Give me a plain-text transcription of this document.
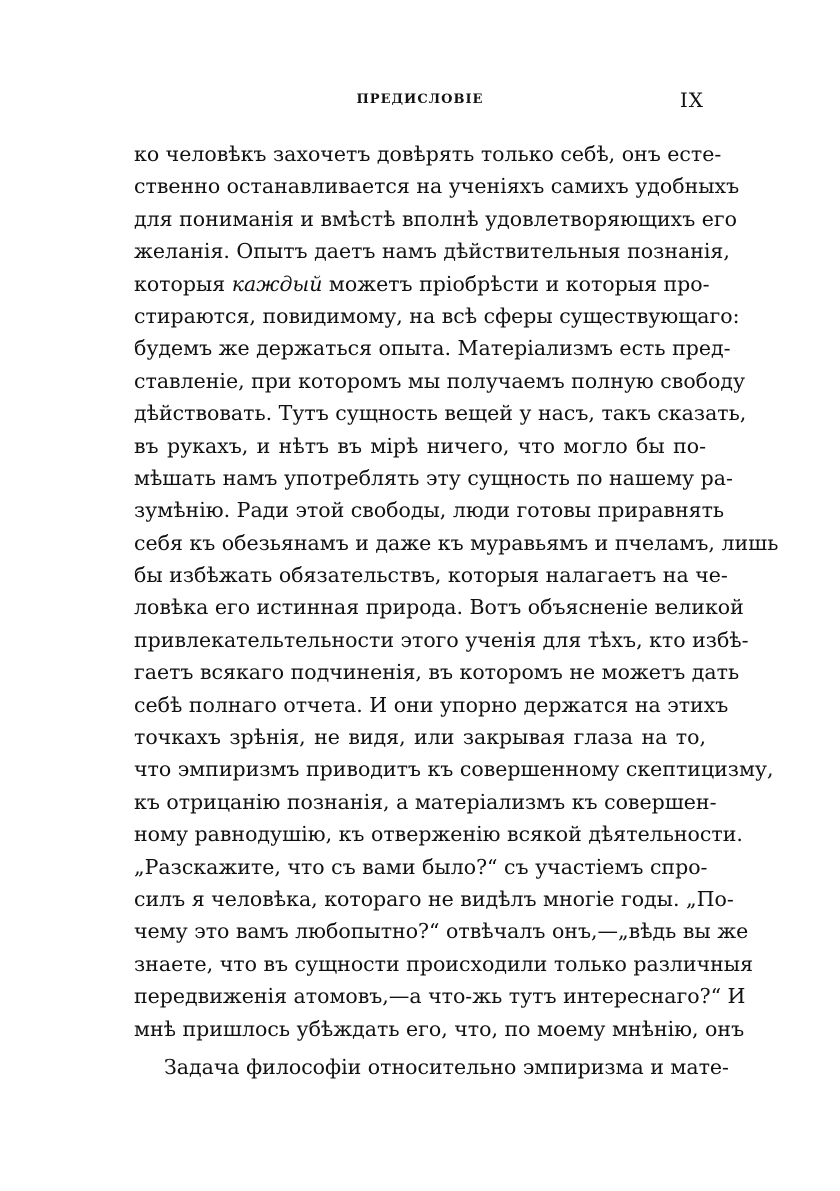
ПРЕДИСЛОВІЕ	IX
ко человѣкъ захочетъ довѣрять только себѣ, онъ есте-
ственно останавливается на ученіяхъ самихъ удобныхъ
для пониманія и вмѣстѣ вполнѣ удовлетворяющихъ его
желанія. Опытъ даетъ намъ дѣйствительныя познанія,
которыя каждый можетъ пріобрѣсти и которыя про-
стираются, повидимому, на всѣ сферы существующаго:
будемъ же держаться опыта. Матеріализмъ есть пред-
ставленіе, при которомъ мы получаемъ полную свободу
дѣйствовать. Тутъ сущность вещей у насъ, такъ сказать,
въ рукахъ, и нѣтъ въ мірѣ ничего, что могло бы по-
мѣшать намъ употреблять эту сущность по нашему ра-
зумѣнію. Ради этой свободы, люди готовы приравнять
себя къ обезьянамъ и даже къ муравьямъ и пчеламъ, лишь
бы избѣжать обязательствъ, которыя налагаетъ на че-
ловѣка его истинная природа. Вотъ объясненіе великой
привлекательтельности этого ученія для тѣхъ, кто избѣ-
гаетъ всякаго подчиненія, въ которомъ не можетъ дать
себѣ полнаго отчета. И они упорно держатся на этихъ
точкахъ зрѣнія, не видя, или закрывая глаза на то,
что эмпиризмъ приводитъ къ совершенному скептицизму,
къ отрицанію познанія, а матеріализмъ къ совершен-
ному равнодушію, къ отверженію всякой дѣятельности.
„Разскажите, что съ вами было?“ съ участіемъ спро-
силъ я человѣка, котораго не видѣлъ многіе годы. „По-
чему это вамъ любопытно?“ отвѣчалъ онъ,—„вѣдь вы же
знаете, что въ сущности происходили только различныя
передвиженія атомовъ,—а что-жь тутъ интереснаго?“ И
мнѣ пришлось убѣждать его, что, по моему мнѣнію, онъ
Задача философіи относительно эмпиризма и мате-
